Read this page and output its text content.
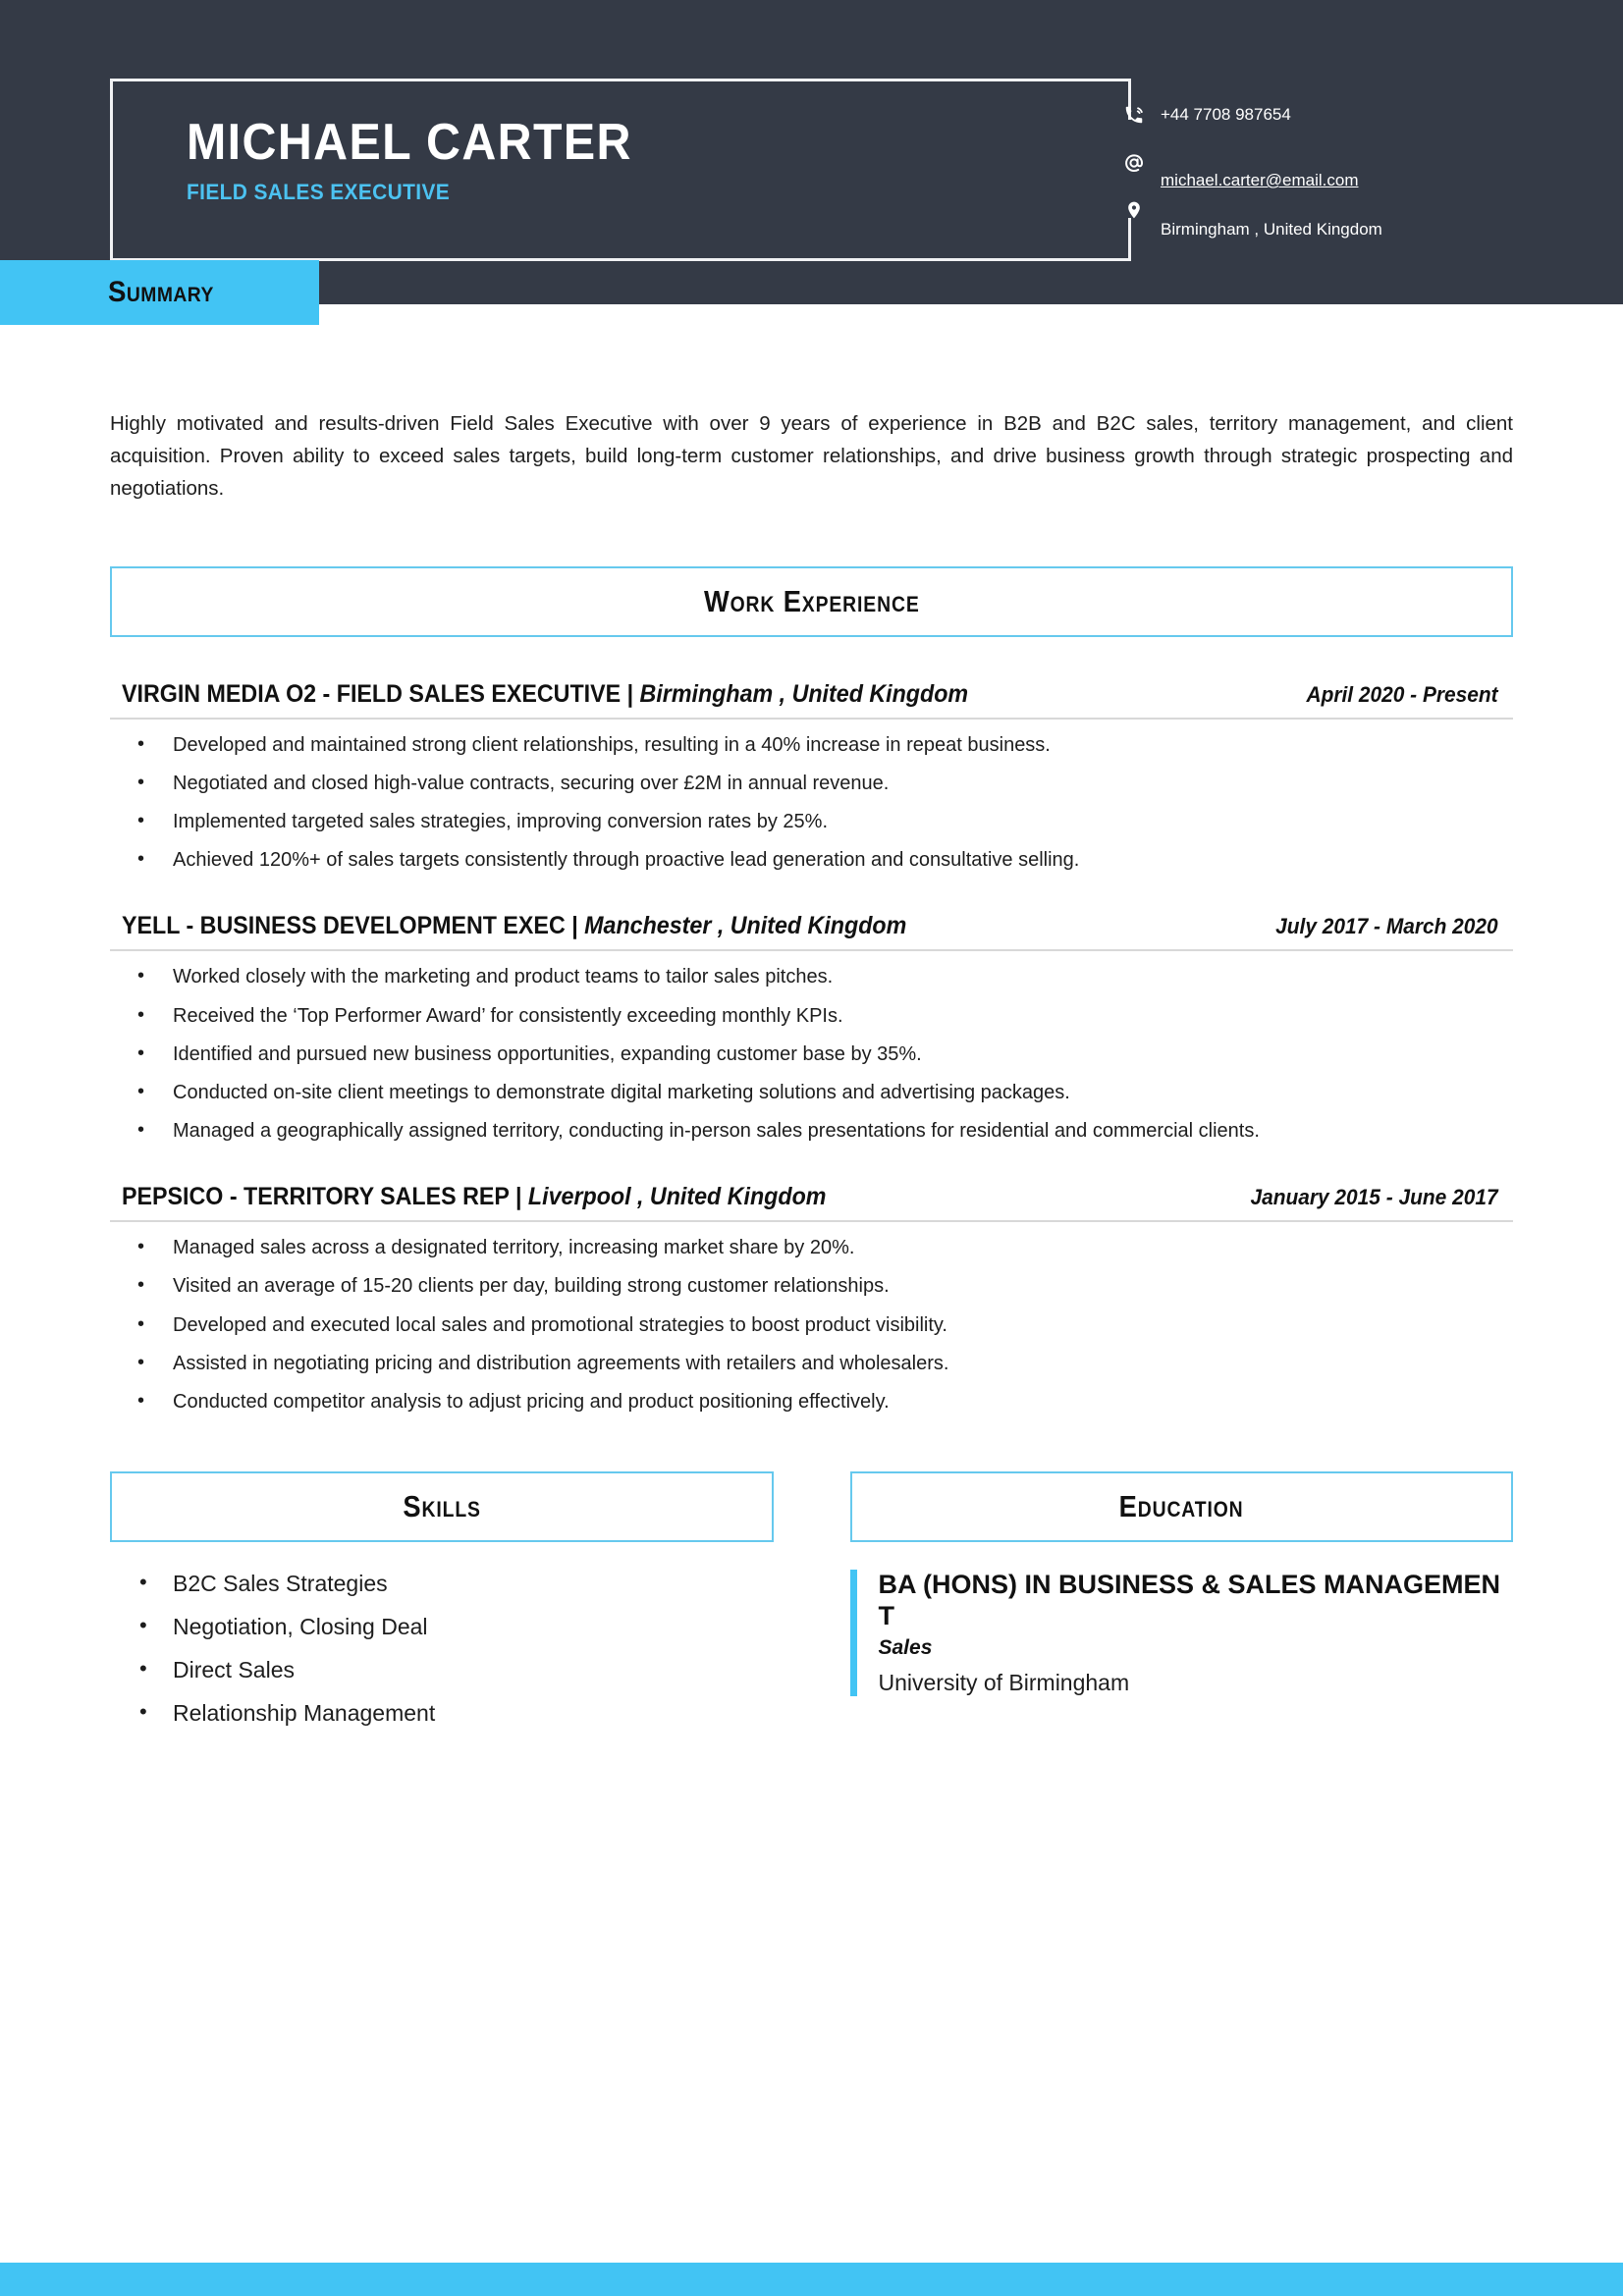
MICHAEL CARTER
FIELD SALES EXECUTIVE
+44 7708 987654
michael.carter@email.com
Birmingham , United Kingdom
Summary

Highly motivated and results-driven Field Sales Executive with over 9 years of experience in B2B and B2C sales, territory management, and client acquisition. Proven ability to exceed sales targets, build long-term customer relationships, and drive business growth through strategic prospecting and negotiations.

Work Experience
VIRGIN MEDIA O2 - FIELD SALES EXECUTIVE | Birmingham , United Kingdom	April 2020 - Present
• Developed and maintained strong client relationships, resulting in a 40% increase in repeat business.
• Negotiated and closed high-value contracts, securing over £2M in annual revenue.
• Implemented targeted sales strategies, improving conversion rates by 25%.
• Achieved 120%+ of sales targets consistently through proactive lead generation and consultative selling.
YELL - BUSINESS DEVELOPMENT EXEC | Manchester , United Kingdom	July 2017 - March 2020
• Worked closely with the marketing and product teams to tailor sales pitches.
• Received the ‘Top Performer Award’ for consistently exceeding monthly KPIs.
• Identified and pursued new business opportunities, expanding customer base by 35%.
• Conducted on-site client meetings to demonstrate digital marketing solutions and advertising packages.
• Managed a geographically assigned territory, conducting in-person sales presentations for residential and commercial clients.
PEPSICO - TERRITORY SALES REP | Liverpool , United Kingdom	January 2015 - June 2017
• Managed sales across a designated territory, increasing market share by 20%.
• Visited an average of 15-20 clients per day, building strong customer relationships.
• Developed and executed local sales and promotional strategies to boost product visibility.
• Assisted in negotiating pricing and distribution agreements with retailers and wholesalers.
• Conducted competitor analysis to adjust pricing and product positioning effectively.
Skills
• B2C Sales Strategies
• Negotiation, Closing Deal
• Direct Sales
• Relationship Management
Education
BA (HONS) IN BUSINESS & SALES MANAGEMENT
Sales
University of Birmingham
